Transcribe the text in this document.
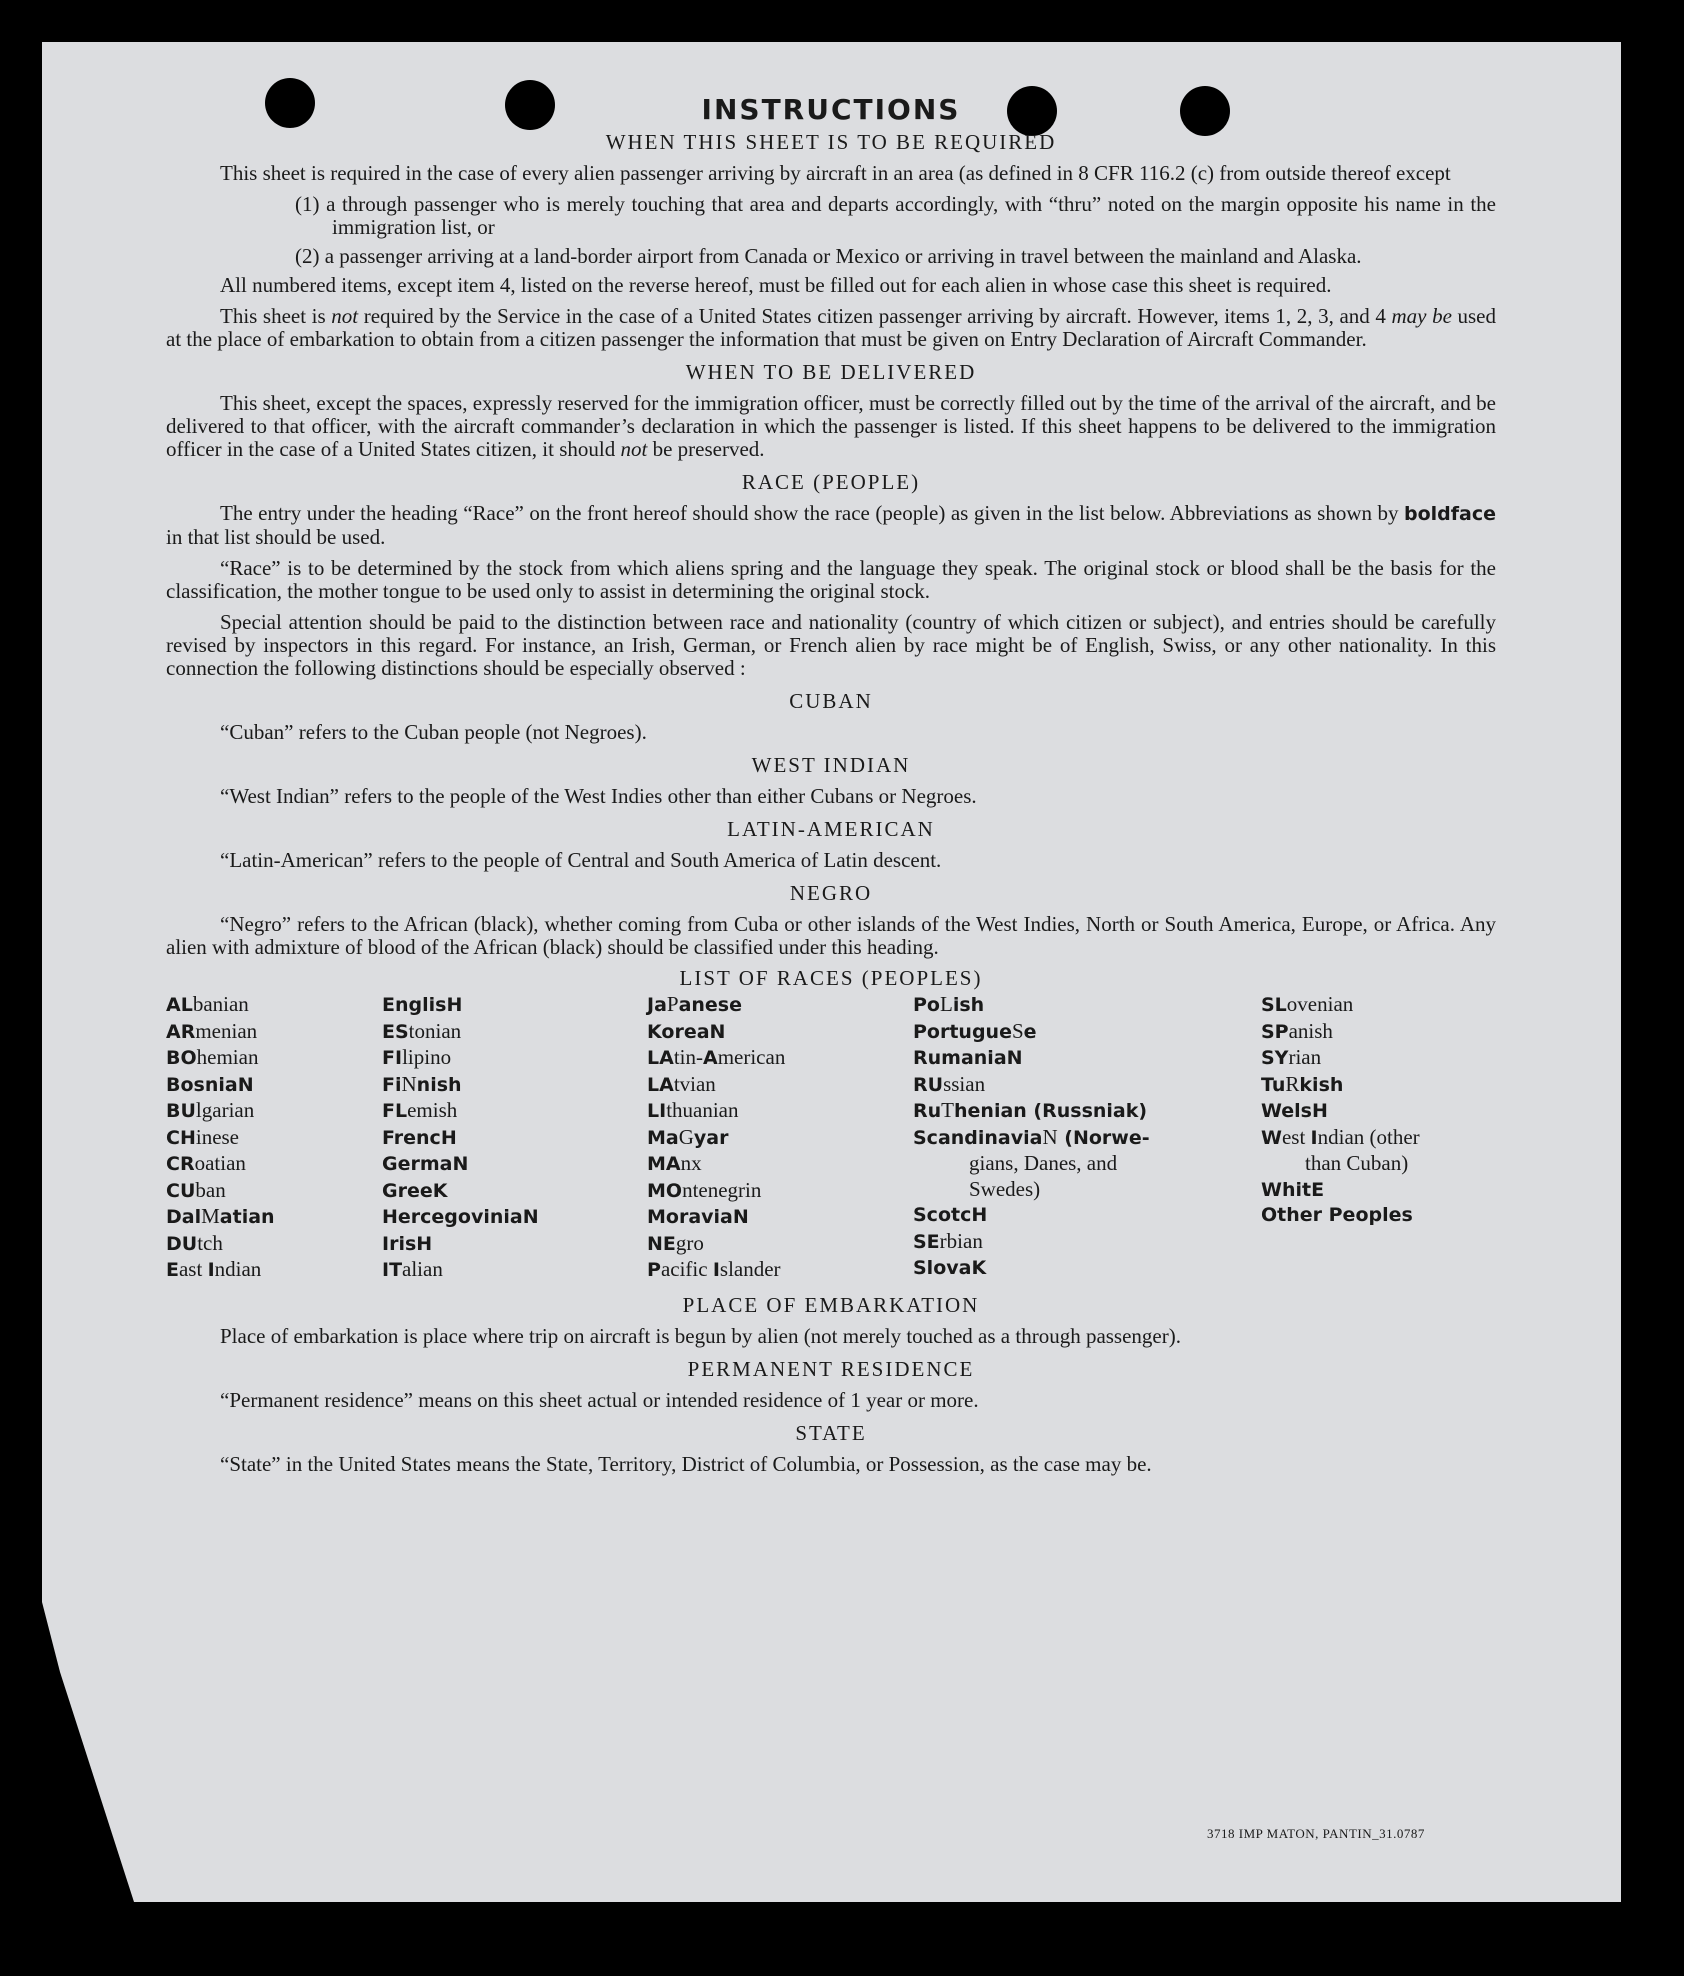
INSTRUCTIONS
WHEN THIS SHEET IS TO BE REQUIRED

This sheet is required in the case of every alien passenger arriving by aircraft in an area (as defined in 8 CFR 116.2 (c) from outside thereof except

(1) a through passenger who is merely touching that area and departs accordingly, with “thru” noted on the margin opposite his name in the immigration list, or
(2) a passenger arriving at a land-border airport from Canada or Mexico or arriving in travel between the mainland and Alaska.

All numbered items, except item 4, listed on the reverse hereof, must be filled out for each alien in whose case this sheet is required.

This sheet is not required by the Service in the case of a United States citizen passenger arriving by aircraft. However, items 1, 2, 3, and 4 may be used at the place of embarkation to obtain from a citizen passenger the information that must be given on Entry Declaration of Aircraft Commander.

WHEN TO BE DELIVERED

This sheet, except the spaces, expressly reserved for the immigration officer, must be correctly filled out by the time of the arrival of the aircraft, and be delivered to that officer, with the aircraft commander’s declaration in which the passenger is listed. If this sheet happens to be delivered to the immigration officer in the case of a United States citizen, it should not be preserved.

RACE (PEOPLE)

The entry under the heading “Race” on the front hereof should show the race (people) as given in the list below. Abbreviations as shown by boldface in that list should be used.

“Race” is to be determined by the stock from which aliens spring and the language they speak. The original stock or blood shall be the basis for the classification, the mother tongue to be used only to assist in determining the original stock.

Special attention should be paid to the distinction between race and nationality (country of which citizen or subject), and entries should be carefully revised by inspectors in this regard. For instance, an Irish, German, or French alien by race might be of English, Swiss, or any other nationality. In this connection the following distinctions should be especially observed :

CUBAN

“Cuban” refers to the Cuban people (not Negroes).

WEST INDIAN

“West Indian” refers to the people of the West Indies other than either Cubans or Negroes.

LATIN-AMERICAN

“Latin-American” refers to the people of Central and South America of Latin descent.

NEGRO

“Negro” refers to the African (black), whether coming from Cuba or other islands of the West Indies, North or South America, Europe, or Africa. Any alien with admixture of blood of the African (black) should be classified under this heading.

LIST OF RACES (PEOPLES)
ALbanian
ARmenian
BOhemian
BosniaN
BUlgarian
CHinese
CRoatian
CUban
DalMatian
DUtch
East Indian
EnglisH
EStonian
FIlipino
FiNnish
FLemish
FrencH
GermaN
GreeK
HercegoviniaN
IrisH
ITalian
JaPanese
KoreaN
LAtin-American
LAtvian
LIthuanian
MaGyar
MAnx
MOntenegrin
MoraviaN
NEgro
Pacific Islander
PoLish
PortugueSe
RumaniaN
RUssian
RuThenian (Russniak)
ScandinaviaN (Norwe-
gians, Danes, and
Swedes)
ScotcH
SErbian
SlovaK
SLovenian
SPanish
SYrian
TuRkish
WelsH
West Indian (other
than Cuban)
WhitE
Other Peoples
PLACE OF EMBARKATION

Place of embarkation is place where trip on aircraft is begun by alien (not merely touched as a through passenger).

PERMANENT RESIDENCE

“Permanent residence” means on this sheet actual or intended residence of 1 year or more.

STATE

“State” in the United States means the State, Territory, District of Columbia, or Possession, as the case may be.

3718 IMP MATON, PANTIN_31.0787
